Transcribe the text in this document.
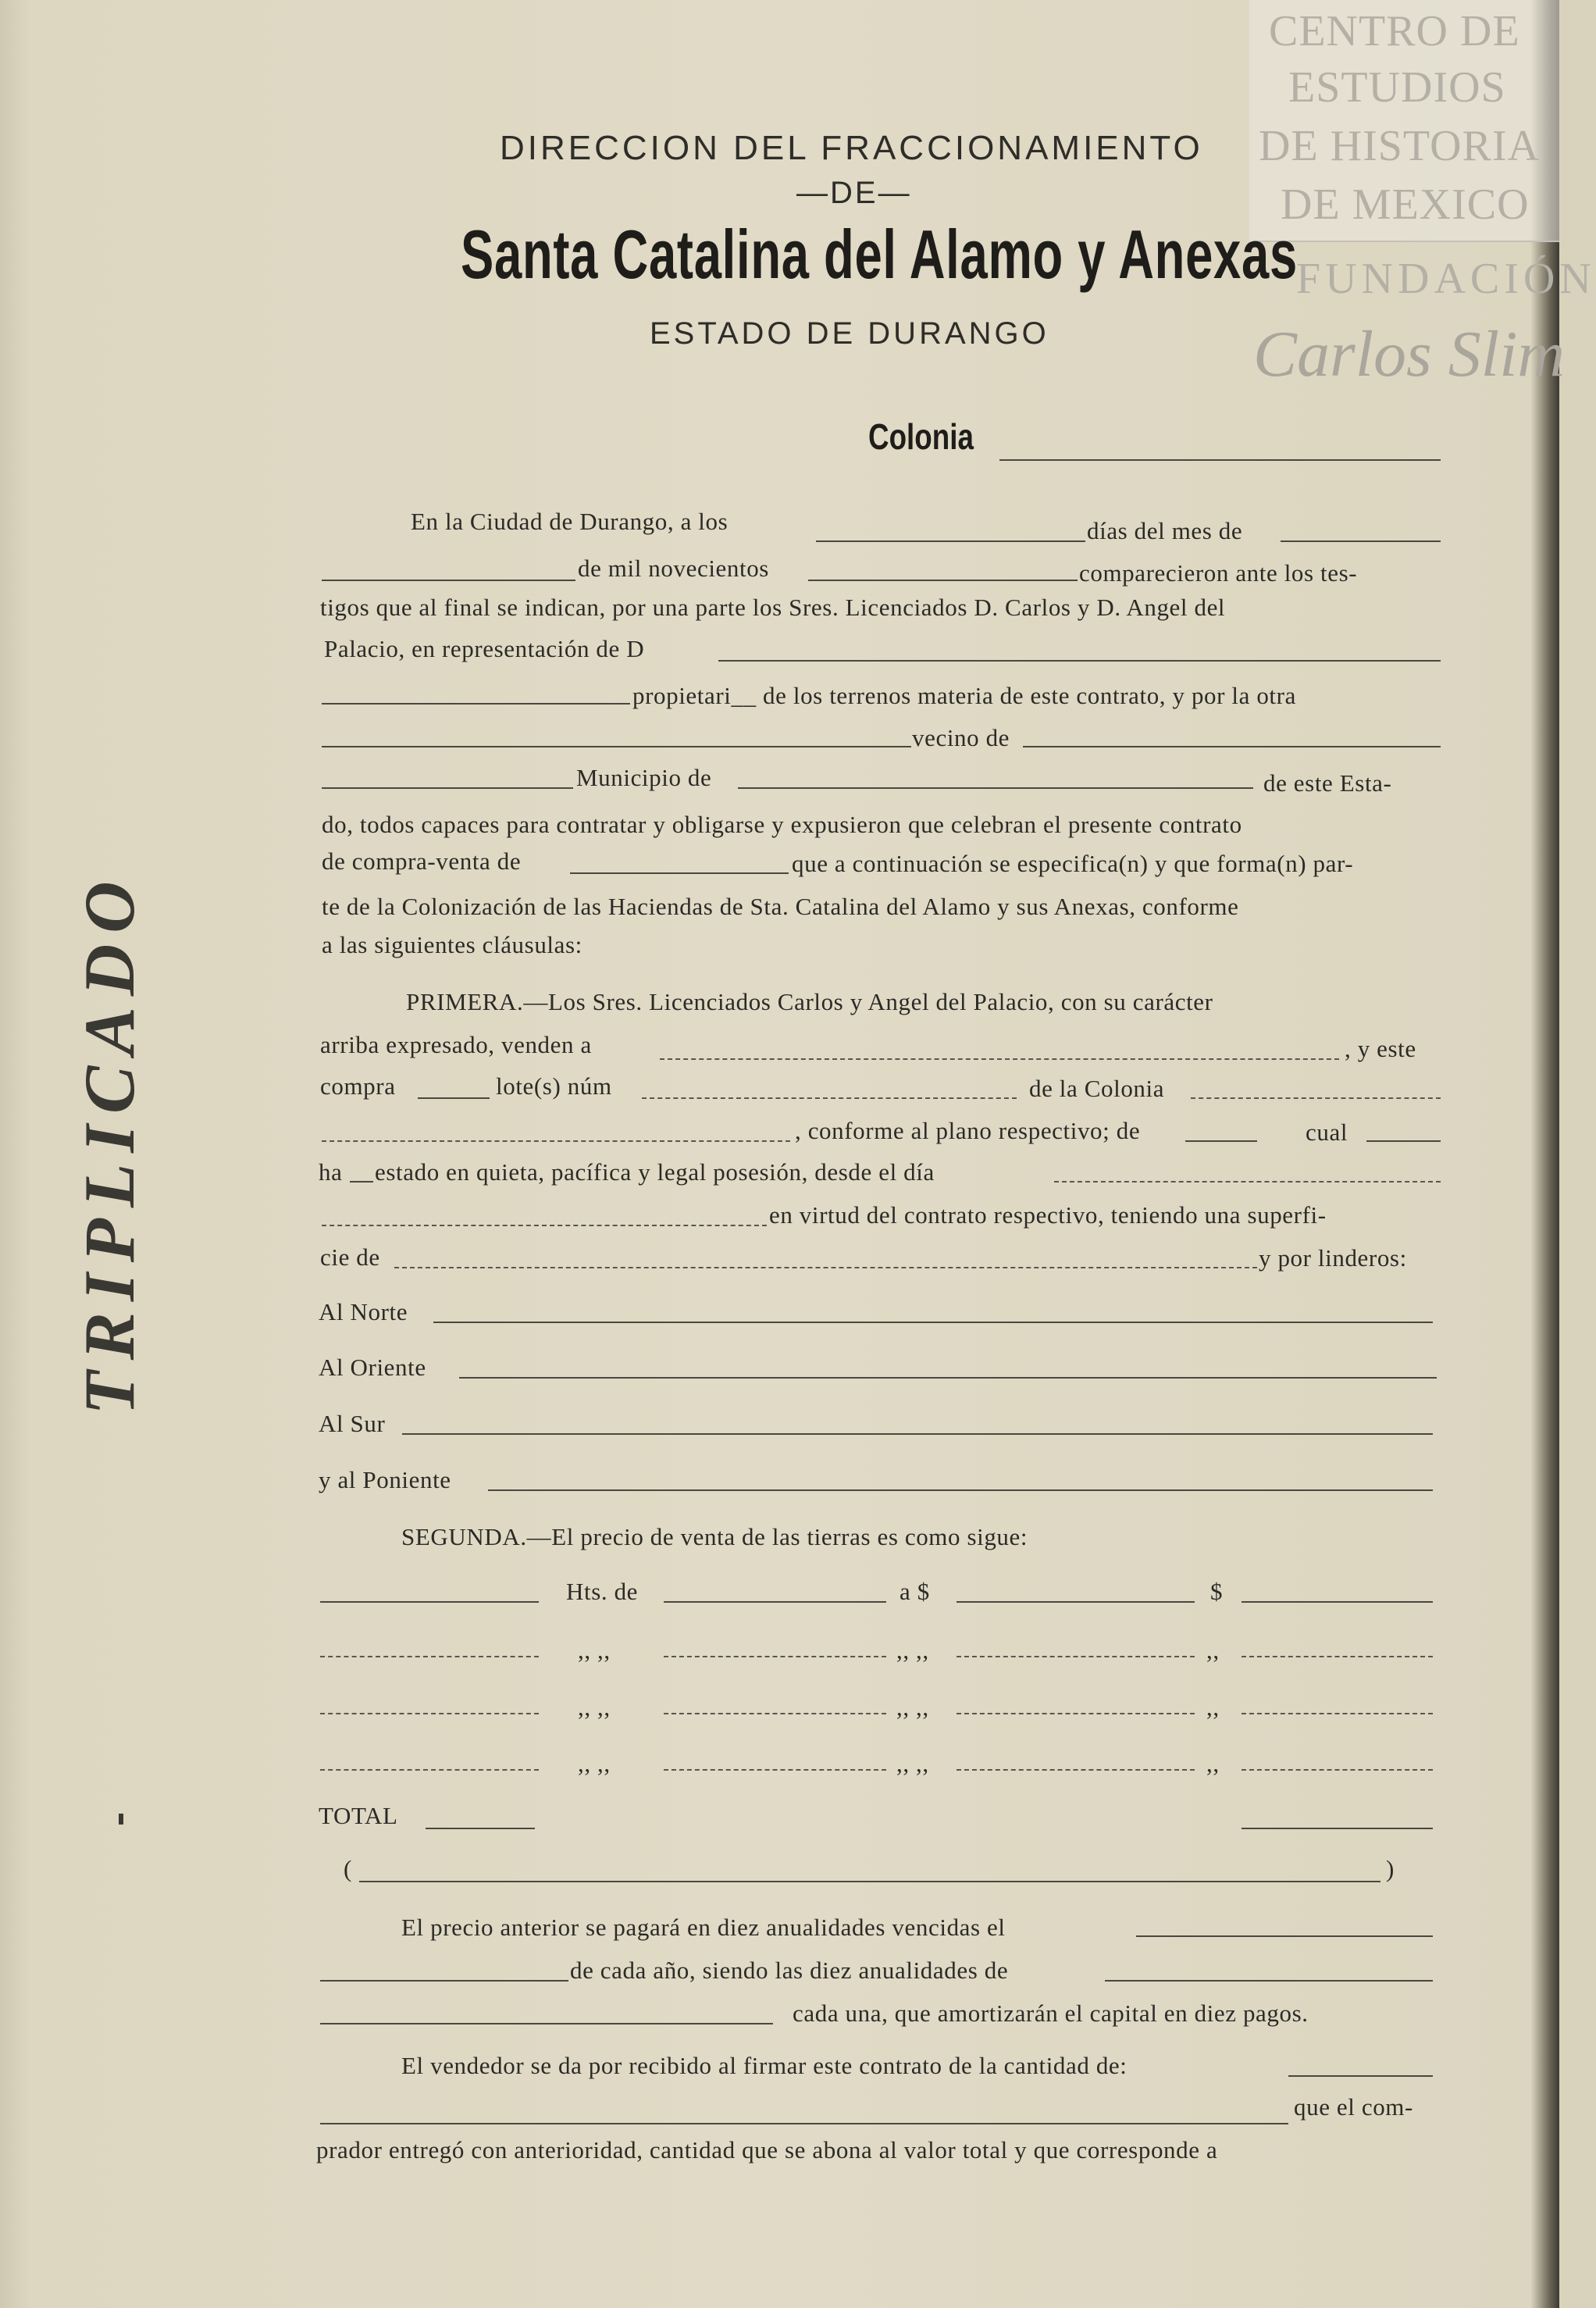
CENTRO DE
ESTUDIOS
DE HISTORIA
DE MEXICO
FUNDACIÓN
Carlos Slim
DIRECCION DEL FRACCIONAMIENTO
—DE—
Santa Catalina del Alamo y Anexas
ESTADO DE DURANGO
Colonia
TRIPLICADO
En la Ciudad de Durango, a los	días del mes de
de mil novecientos	comparecieron ante los tes-
tigos que al final se indican, por una parte los Sres. Licenciados D. Carlos y D. Angel del
Palacio, en representación de D
propietari__ de los terrenos materia de este contrato, y por la otra
vecino de
Municipio de	de este Esta-
do, todos capaces para contratar y obligarse y expusieron que celebran el presente contrato
de compra-venta de	que a continuación se especifica(n) y que forma(n) par-
te de la Colonización de las Haciendas de Sta. Catalina del Alamo y sus Anexas, conforme
a las siguientes cláusulas:
PRIMERA.—Los Sres. Licenciados Carlos y Angel del Palacio, con su carácter
arriba expresado, venden a	, y este
compra	lote(s) núm	de la Colonia
, conforme al plano respectivo; de	cual
ha estado en quieta, pacífica y legal posesión, desde el día
en virtud del contrato respectivo, teniendo una superfi-
cie de	y por linderos:
Al Norte
Al Oriente
Al Sur
y al Poniente
SEGUNDA.—El precio de venta de las tierras es como sigue:
Hts. de	a $	$
,, ,,	,, ,,	,,
,, ,,	,, ,,	,,
,, ,,	,, ,,	,,
TOTAL
(	)
El precio anterior se pagará en diez anualidades vencidas el
de cada año, siendo las diez anualidades de
cada una, que amortizarán el capital en diez pagos.
El vendedor se da por recibido al firmar este contrato de la cantidad de:
que el com-
prador entregó con anterioridad, cantidad que se abona al valor total y que corresponde a
